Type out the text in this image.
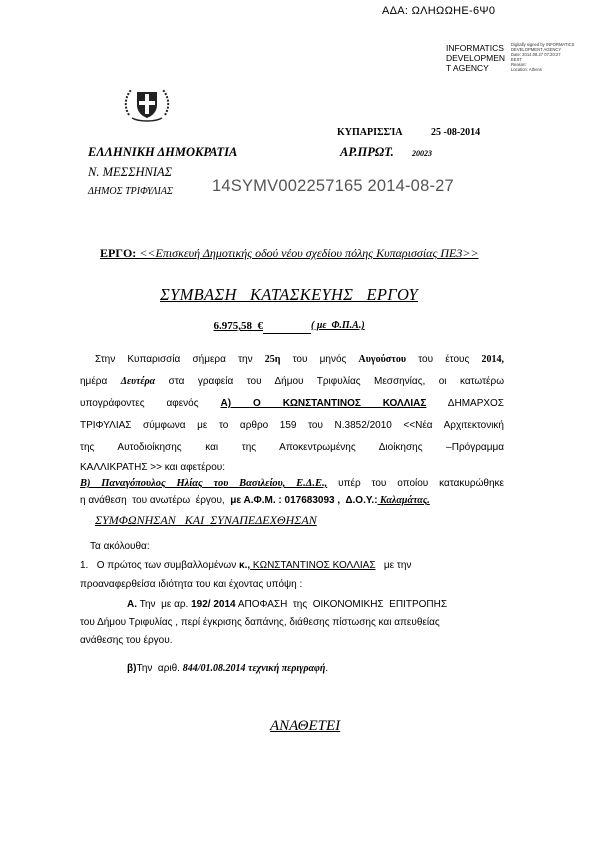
ΑΔΑ: ΩΛΗΩΩΗΕ-6Ψ0
INFORMATICS
DEVELOPMEN
T AGENCY
Digitally signed by INFORMATICS
DEVELOPMENT AGENCY
Date: 2014.08.27 07:20:27
EEST
Reason:
Location: Athens
ΚΥΠΑΡΙΣΣΊΑ	25 -08-2014
ΕΛΛΗΝΙΚΗ ΔΗΜΟΚΡΑΤΙΑ	ΑΡ.ΠΡΩΤ. 20023
Ν. ΜΕΣΣΗΝΙΑΣ
ΔΗΜΟΣ ΤΡΙΦΥΛΙΑΣ 14SYMV002257165 2014-08-27
ΕΡΓΟ: <<Επισκευή Δημοτικής οδού νέου σχεδίου πόλης Κυπαρισσίας ΠΕ3>>
ΣΥΜΒΑΣΗ   ΚΑΤΑΣΚΕΥΗΣ   ΕΡΓΟΥ
6.975,58  €	( με  Φ.Π.Α.)
Στην Κυπαρισσία σήμερα την 25η του μηνός Αυγούστου του έτους 2014,
ημέρα Δευτέρα στα γραφεία του Δήμου Τριφυλίας Μεσσηνίας, οι κατωτέρω
υπογράφοντες αφενός Α) Ο ΚΩΝΣΤΑΝΤΙΝΟΣ ΚΟΛΛΙΑΣ ΔΗΜΑΡΧΟΣ
ΤΡΙΦΥΛΙΑΣ σύμφωνα με το αρθρο 159 του Ν.3852/2010 <<Νέα Αρχιτεκτονική
της Αυτοδιοίκησης και της Αποκεντρωμένης Διοίκησης –Πρόγραμμα
ΚΑΛΛΙΚΡΑΤΗΣ >> και αφετέρου:
Β) Παναγόπουλος Ηλίας του Βασιλείου, Ε.Δ.Ε., υπέρ του οποίου κατακυρώθηκε
η ανάθεση  του ανωτέρω  έργου,  με Α.Φ.Μ. : 017683093 ,  Δ.Ο.Υ.: Καλαμάτας.
ΣΥΜΦΩΝΗΣΑΝ   ΚΑΙ  ΣΥΝΑΠΕΔΕΧΘΗΣΑΝ
Τα ακόλουθα:
1. Ο πρώτος των συμβαλλομένων κ., ΚΩΝΣΤΑΝΤΙΝΟΣ ΚΟΛΛΙΑΣ με την
προαναφερθείσα ιδιότητα του και έχοντας υπόψη :
Α. Την  με αρ. 192/ 2014 ΑΠΟΦΑΣΗ  της  ΟΙΚΟΝΟΜΙΚΗΣ  ΕΠΙΤΡΟΠΗΣ
του Δήμου Τριφυλίας , περί έγκρισης δαπάνης, διάθεσης πίστωσης και απευθείας
ανάθεσης του έργου.
β)Την  αριθ. 844/01.08.2014 τεχνική περιγραφή.
ΑΝΑΘΕΤΕΙ
